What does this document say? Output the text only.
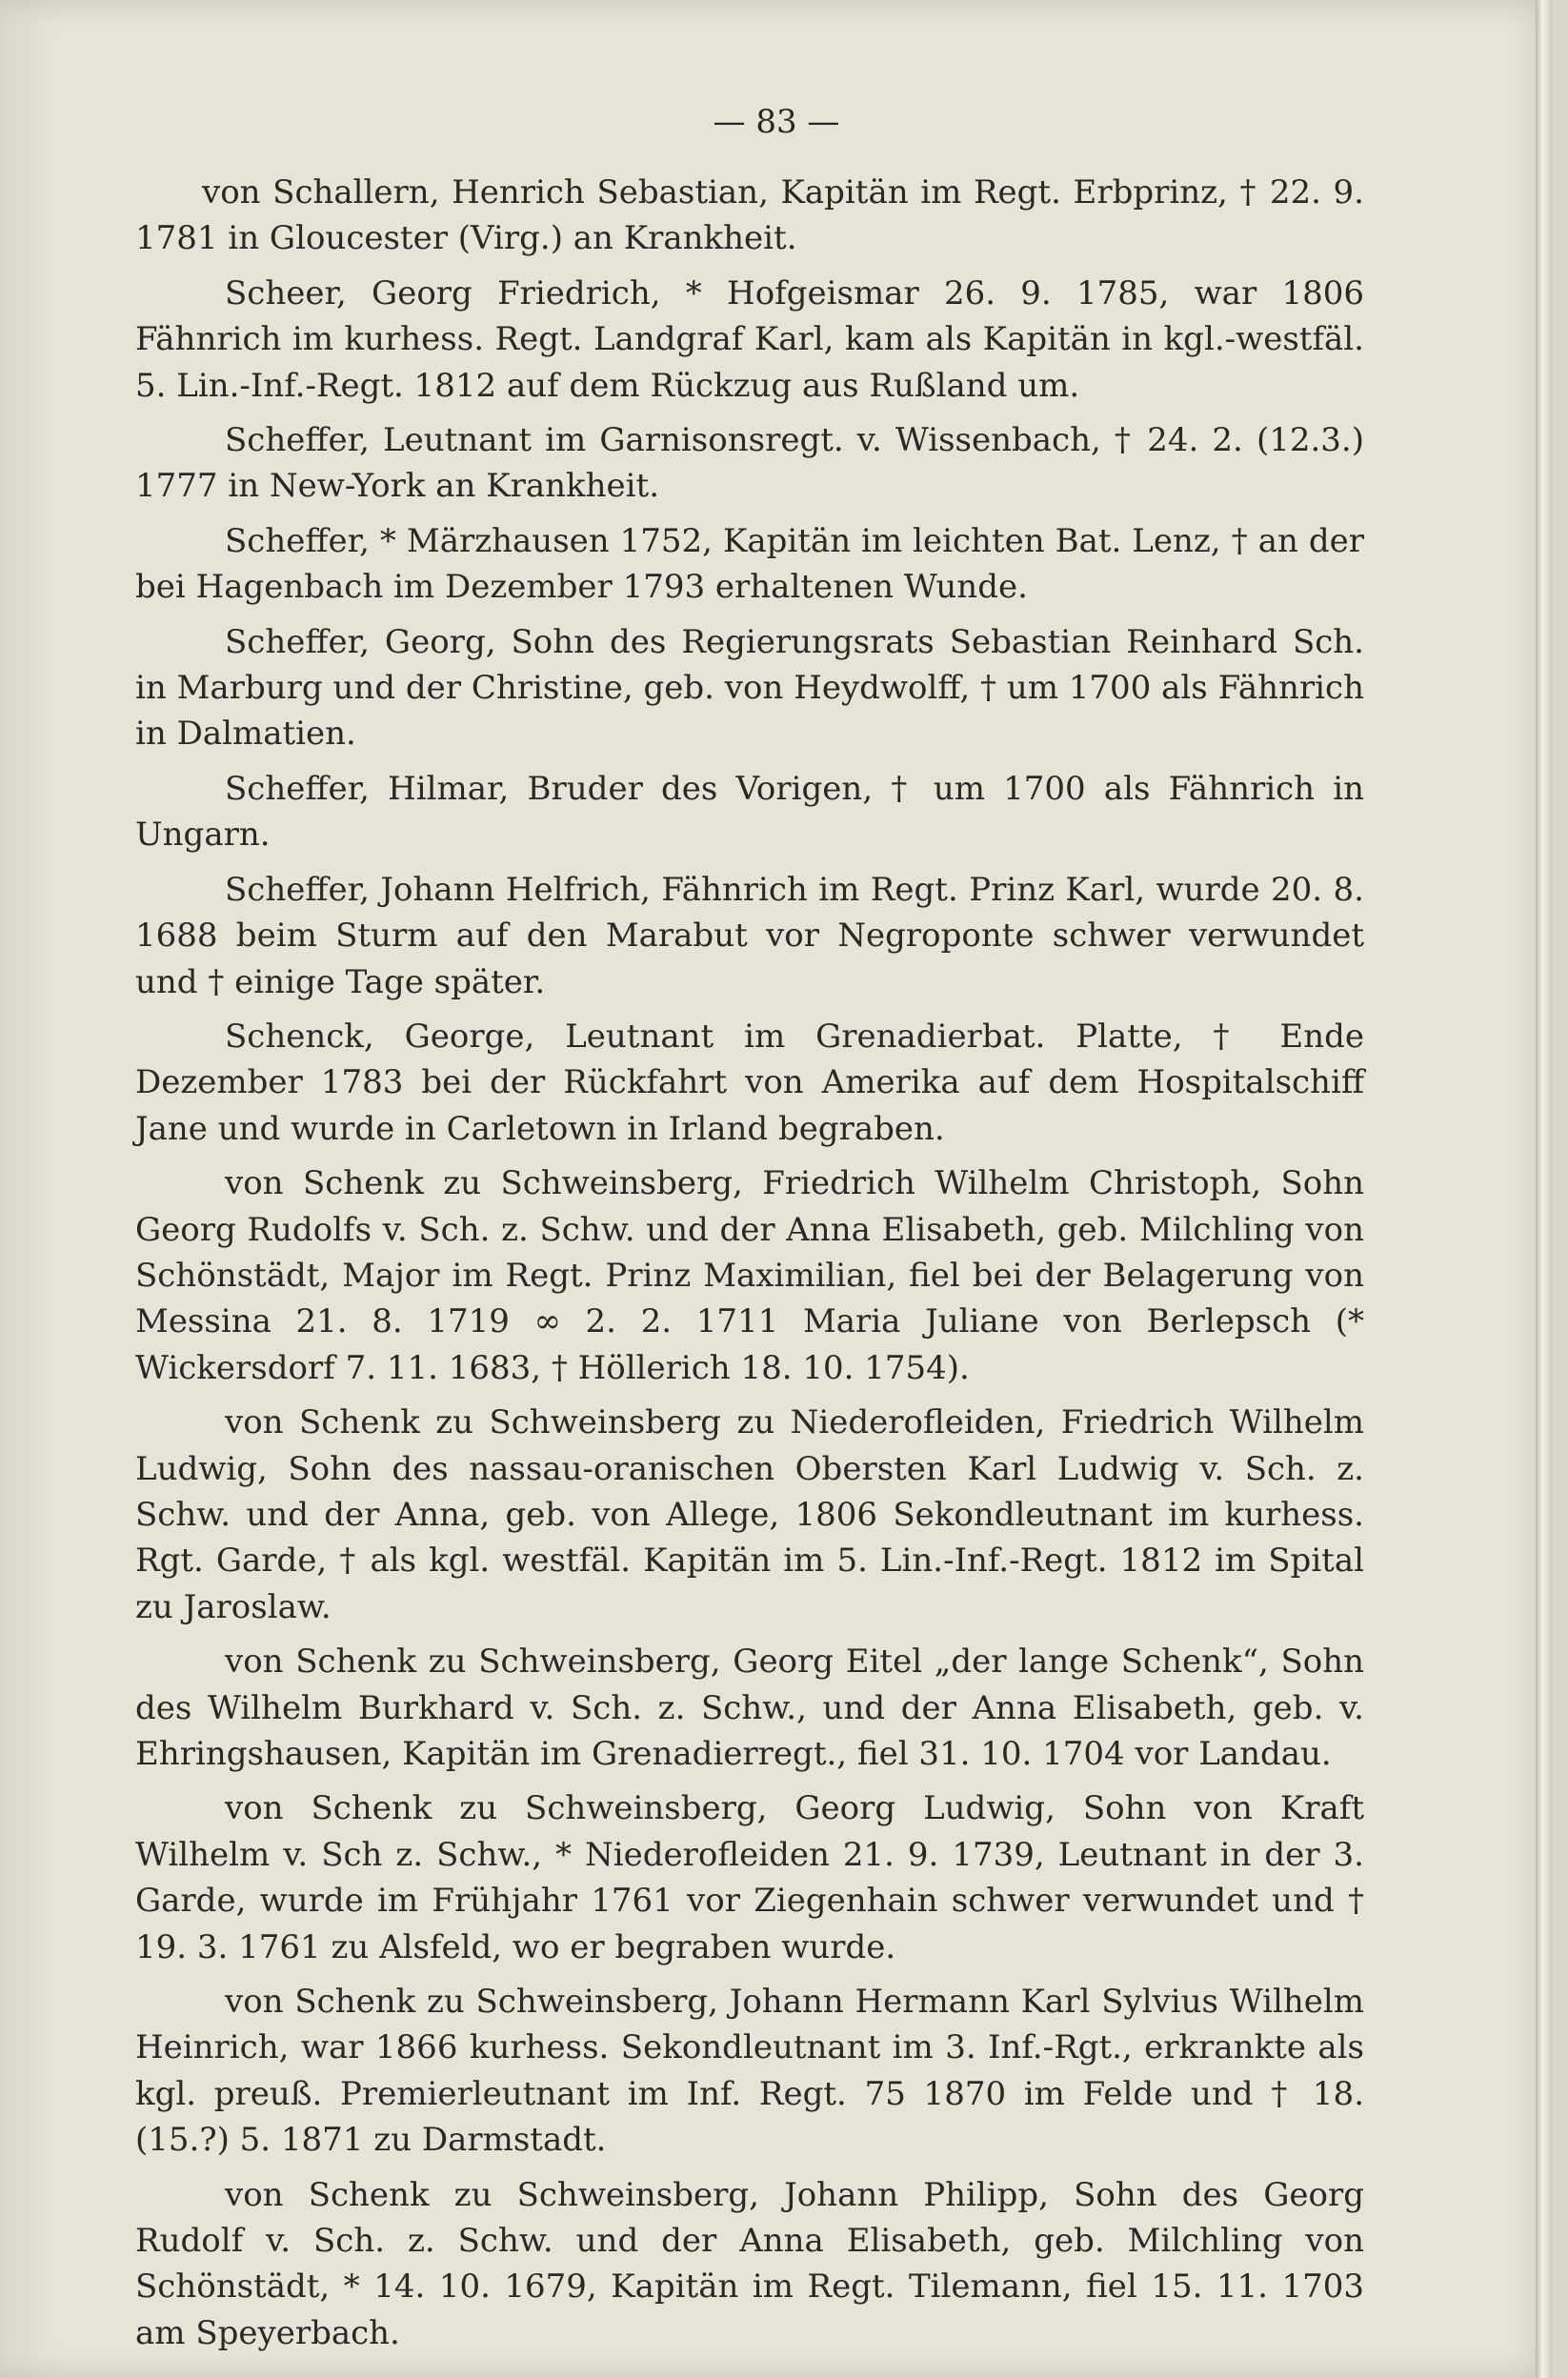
— 83 —

von Schallern, Henrich Sebastian, Kapitän im Regt. Erbprinz, † 22. 9. 1781 in Gloucester (Virg.) an Krankheit.

Scheer, Georg Friedrich, * Hofgeismar 26. 9. 1785, war 1806 Fähnrich im kurhess. Regt. Landgraf Karl, kam als Kapitän in kgl.-westfäl. 5. Lin.-Inf.-Regt. 1812 auf dem Rückzug aus Rußland um.

Scheffer, Leutnant im Garnisonsregt. v. Wissenbach, † 24. 2. (12.3.) 1777 in New-York an Krankheit.

Scheffer, * Märzhausen 1752, Kapitän im leichten Bat. Lenz, † an der bei Hagenbach im Dezember 1793 erhaltenen Wunde.

Scheffer, Georg, Sohn des Regierungsrats Sebastian Reinhard Sch. in Marburg und der Christine, geb. von Heydwolff, † um 1700 als Fähnrich in Dalmatien.

Scheffer, Hilmar, Bruder des Vorigen, † um 1700 als Fähnrich in Ungarn.

Scheffer, Johann Helfrich, Fähnrich im Regt. Prinz Karl, wurde 20. 8. 1688 beim Sturm auf den Marabut vor Negroponte schwer verwundet und † einige Tage später.

Schenck, George, Leutnant im Grenadierbat. Platte, † Ende Dezember 1783 bei der Rückfahrt von Amerika auf dem Hospitalschiff Jane und wurde in Carletown in Irland begraben.

von Schenk zu Schweinsberg, Friedrich Wilhelm Christoph, Sohn Georg Rudolfs v. Sch. z. Schw. und der Anna Elisabeth, geb. Milchling von Schönstädt, Major im Regt. Prinz Maximilian, fiel bei der Belagerung von Messina 21. 8. 1719 ∞ 2. 2. 1711 Maria Juliane von Berlepsch (* Wickersdorf 7. 11. 1683, † Höllerich 18. 10. 1754).

von Schenk zu Schweinsberg zu Niederofleiden, Friedrich Wilhelm Ludwig, Sohn des nassau-oranischen Obersten Karl Ludwig v. Sch. z. Schw. und der Anna, geb. von Allege, 1806 Sekondleutnant im kurhess. Rgt. Garde, † als kgl. westfäl. Kapitän im 5. Lin.-Inf.-Regt. 1812 im Spital zu Jaroslaw.

von Schenk zu Schweinsberg, Georg Eitel „der lange Schenk“, Sohn des Wilhelm Burkhard v. Sch. z. Schw., und der Anna Elisabeth, geb. v. Ehringshausen, Kapitän im Grenadierregt., fiel 31. 10. 1704 vor Landau.

von Schenk zu Schweinsberg, Georg Ludwig, Sohn von Kraft Wilhelm v. Sch z. Schw., * Niederofleiden 21. 9. 1739, Leutnant in der 3. Garde, wurde im Frühjahr 1761 vor Ziegenhain schwer verwundet und † 19. 3. 1761 zu Alsfeld, wo er begraben wurde.

von Schenk zu Schweinsberg, Johann Hermann Karl Sylvius Wilhelm Heinrich, war 1866 kurhess. Sekondleutnant im 3. Inf.-Rgt., erkrankte als kgl. preuß. Premierleutnant im Inf. Regt. 75 1870 im Felde und † 18. (15.?) 5. 1871 zu Darmstadt.

von Schenk zu Schweinsberg, Johann Philipp, Sohn des Georg Rudolf v. Sch. z. Schw. und der Anna Elisabeth, geb. Milchling von Schönstädt, * 14. 10. 1679, Kapitän im Regt. Tilemann, fiel 15. 11. 1703 am Speyerbach.
